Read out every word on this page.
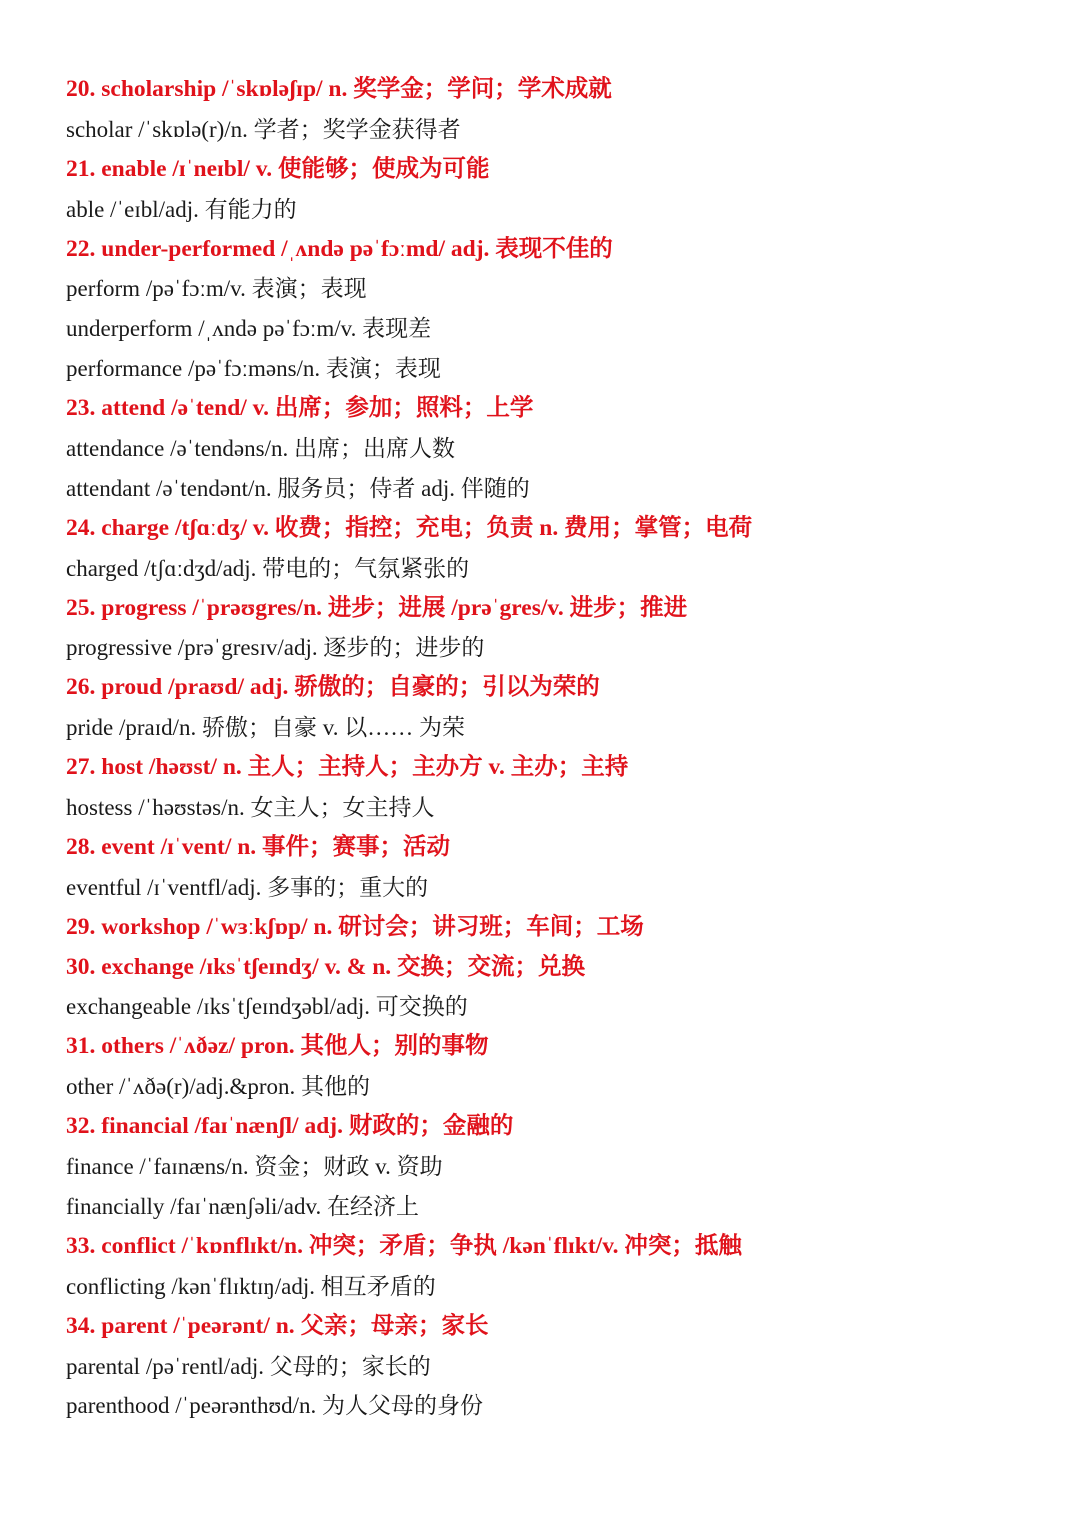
20. scholarship /ˈskɒləʃɪp/ n. 奖学金；学问；学术成就
scholar /ˈskɒlə(r)/n. 学者；奖学金获得者
21. enable /ɪˈneɪbl/ v. 使能够；使成为可能
able /ˈeɪbl/adj. 有能力的
22. under-performed /ˌʌndə pəˈfɔːmd/ adj. 表现不佳的
perform /pəˈfɔːm/v. 表演；表现
underperform /ˌʌndə pəˈfɔːm/v. 表现差
performance /pəˈfɔːməns/n. 表演；表现
23. attend /əˈtend/ v. 出席；参加；照料；上学
attendance /əˈtendəns/n. 出席；出席人数
attendant /əˈtendənt/n. 服务员；侍者 adj. 伴随的
24. charge /tʃɑːdʒ/ v. 收费；指控；充电；负责 n. 费用；掌管；电荷
charged /tʃɑːdʒd/adj. 带电的；气氛紧张的
25. progress /ˈprəʊgres/n. 进步；进展 /prəˈgres/v. 进步；推进
progressive /prəˈgresɪv/adj. 逐步的；进步的
26. proud /praʊd/ adj. 骄傲的；自豪的；引以为荣的
pride /praɪd/n. 骄傲；自豪 v. 以…… 为荣
27. host /həʊst/ n. 主人；主持人；主办方 v. 主办；主持
hostess /ˈhəʊstəs/n. 女主人；女主持人
28. event /ɪˈvent/ n. 事件；赛事；活动
eventful /ɪˈventfl/adj. 多事的；重大的
29. workshop /ˈwɜːkʃɒp/ n. 研讨会；讲习班；车间；工场
30. exchange /ɪksˈtʃeɪndʒ/ v. & n. 交换；交流；兑换
exchangeable /ɪksˈtʃeɪndʒəbl/adj. 可交换的
31. others /ˈʌðəz/ pron. 其他人；别的事物
other /ˈʌðə(r)/adj.&pron. 其他的
32. financial /faɪˈnænʃl/ adj. 财政的；金融的
finance /ˈfaɪnæns/n. 资金；财政 v. 资助
financially /faɪˈnænʃəli/adv. 在经济上
33. conflict /ˈkɒnflɪkt/n. 冲突；矛盾；争执 /kənˈflɪkt/v. 冲突；抵触
conflicting /kənˈflɪktɪŋ/adj. 相互矛盾的
34. parent /ˈpeərənt/ n. 父亲；母亲；家长
parental /pəˈrentl/adj. 父母的；家长的
parenthood /ˈpeərənthʊd/n. 为人父母的身份
